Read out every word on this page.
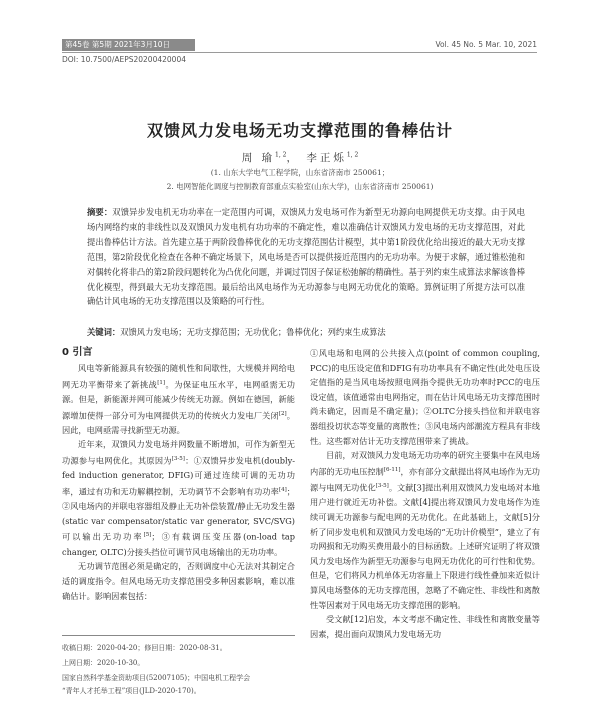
第45卷 第5期 2021年3月10日	Vol. 45 No. 5 Mar. 10, 2021
DOI: 10.7500/AEPS20200420004
双馈风力发电场无功支撑范围的鲁棒估计
周 瑜$^{1, 2}$， 李正烁$^{1, 2}$
(1. 山东大学电气工程学院，山东省济南市 250061；
2. 电网智能化调度与控制教育部重点实验室(山东大学)，山东省济南市 250061)
摘要：双馈异步发电机无功功率在一定范围内可调，双馈风力发电场可作为新型无功源向电网提供无功支撑。由于风电场内网络约束的非线性以及双馈风力发电机有功功率的不确定性，难以准确估计双馈风力发电场的无功支撑范围，对此提出鲁棒估计方法。首先建立基于两阶段鲁棒优化的无功支撑范围估计模型，其中第1阶段优化给出接近的最大无功支撑范围，第2阶段优化检查在各种不确定场景下，风电场是否可以提供接近范围内的无功功率。为便于求解，通过锥松弛和对偶转化将非凸的第2阶段问题转化为凸优化问题，并调过罚因子保证松弛解的精确性。基于列约束生成算法求解该鲁棒优化模型，得到最大无功支撑范围。最后给出风电场作为无功源参与电网无功优化的策略。算例证明了所提方法可以准确估计风电场的无功支撑范围以及策略的可行性。
关键词：双馈风力发电场；无功支撑范围；无功优化；鲁棒优化；列约束生成算法
0 引言

风电等新能源具有较强的随机性和间歇性，大规模并网给电网无功平衡带来了新挑战[1]。为保证电压水平，电网亟需无功源。但是，新能源并网可能减少传统无功源。例如在德国，新能源增加使得一部分可为电网提供无功的传统火力发电厂关闭[2]。因此，电网亟需寻找新型无功源。

近年来，双馈风力发电场并网数量不断增加，可作为新型无功源参与电网优化。其原因为[3-5]：①双馈异步发电机(doubly-fed induction generator, DFIG)可通过连续可调的无功功率，通过有功和无功解耦控制，无功调节不会影响有功功率[4]；②风电场内的并联电容器组及静止无功补偿装置/静止无功发生器(static var compensator/static var generator, SVC/SVG)可以输出无功功率[5]；③有载调压变压器(on-load tap changer, OLTC)分接头挡位可调节风电场输出的无功功率。

无功调节范围必须是确定的，否则调度中心无法对其制定合适的调度指令。但风电场无功支撑范围受多种因素影响，难以准确估计。影响因素包括：

收稿日期：2020-04-20；修回日期：2020-08-31。
上网日期：2020-10-30。
国家自然科学基金资助项目(52007105)；中国电机工程学会
“青年人才托举工程”项目(JLD-2020-170)。

①风电场和电网的公共接入点(point of common coupling, PCC)的电压设定值和DFIG有功功率具有不确定性(此处电压设定值指的是当风电场按照电网指令提供无功功率时PCC的电压设定值，该值通常由电网指定，而在估计风电场无功支撑范围时尚未确定，因而是不确定量)；②OLTC分接头挡位和并联电容器组投切状态等变量的离散性；③风电场内部潮流方程具有非线性。这些都对估计无功支撑范围带来了挑战。

目前，对双馈风力发电场无功功率的研究主要集中在风电场内部的无功电压控制[6-11]，亦有部分文献提出将风电场作为无功源与电网无功优化[3-5]。文献[3]提出利用双馈风力发电场对本地用户进行就近无功补偿。文献[4]提出将双馈风力发电场作为连续可调无功源参与配电网的无功优化。在此基础上，文献[5]分析了同步发电机和双馈风力发电场的“无功计价模型”，建立了有功网损和无功购买费用最小的目标函数。上述研究证明了将双馈风力发电场作为新型无功源参与电网无功优化的可行性和优势。但是，它们将风力机单体无功容量上下限进行线性叠加来近似计算风电场整体的无功支撑范围，忽略了不确定性、非线性和离散性等因素对于风电场无功支撑范围的影响。

受文献[12]启发，本文考虑不确定性、非线性和离散变量等因素，提出面向双馈风力发电场无功
